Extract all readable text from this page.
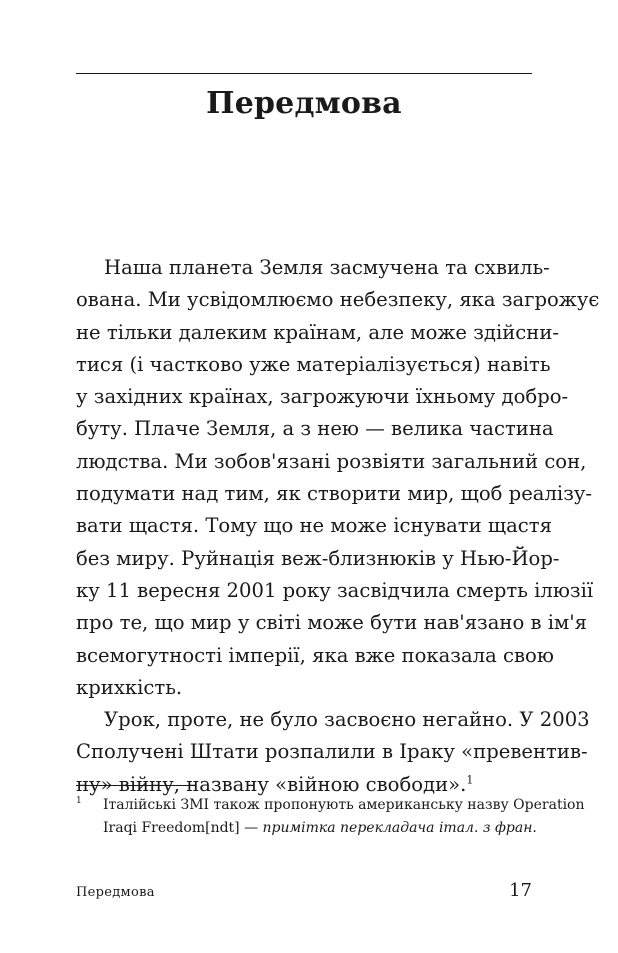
Передмова
Наша планета Земля засмучена та схвиль-
ована. Ми усвідомлюємо небезпеку, яка загрожує
не тільки далеким країнам, але може здійсни-
тися (і частково уже матеріалізується) навіть
у західних країнах, загрожуючи їхньому добро-
буту. Плаче Земля, а з нею — велика частина
людства. Ми зобов'язані розвіяти загальний сон,
подумати над тим, як створити мир, щоб реалізу-
вати щастя. Тому що не може існувати щастя
без миру. Руйнація веж-близнюків у Нью-Йор-
ку 11 вересня 2001 року засвідчила смерть ілюзії
про те, що мир у світі може бути нав'язано в ім'я
всемогутності імперії, яка вже показала свою
крихкість.
Урок, проте, не було засвоєно негайно. У 2003
Сполучені Штати розпалили в Іраку «превентив-
ну» війну, названу «війною свободи».$^1$
1 Італійські ЗМІ також пропонують американську назву Operation
Iraqi Freedom[ndt] — примітка перекладача італ. з фран.
Передмова	17
